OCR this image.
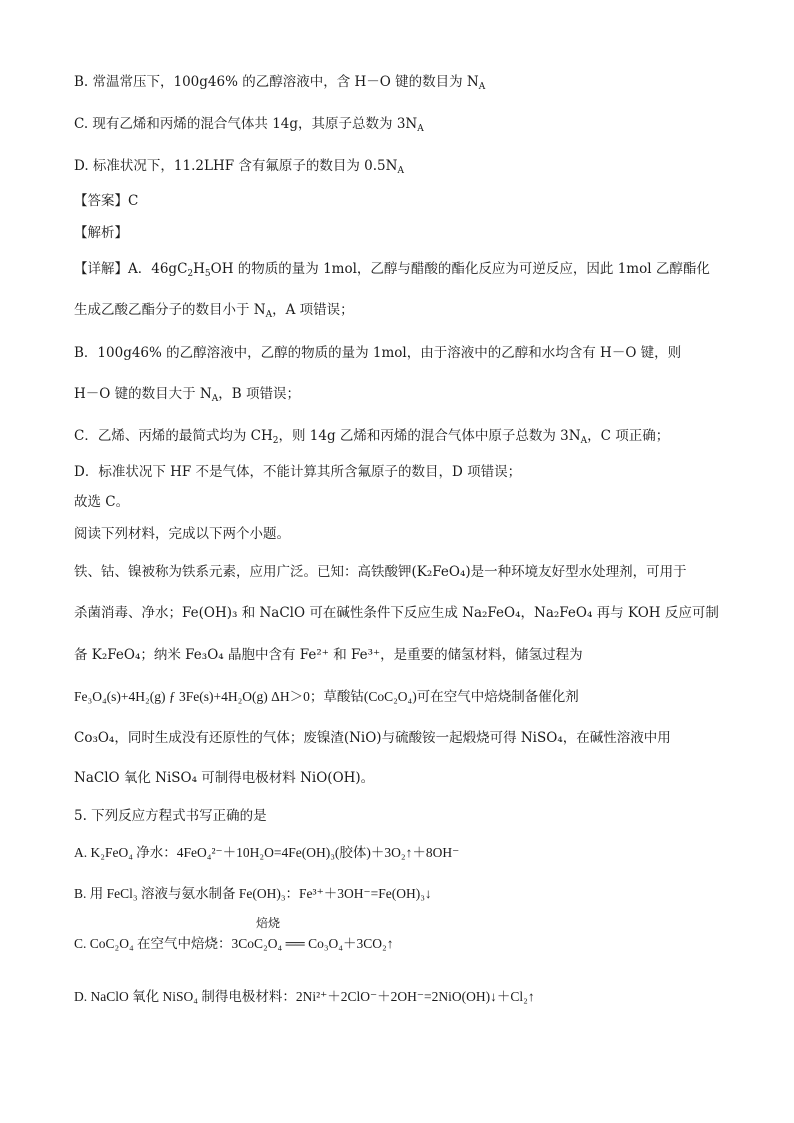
B. 常温常压下，100g46% 的乙醇溶液中，含 H－O 键的数目为 $N_A$
C. 现有乙烯和丙烯的混合气体共 14g，其原子总数为 $3N_A$
D. 标准状况下，11.2LHF 含有氟原子的数目为 $0.5N_A$
【答案】C
【解析】
【详解】A．$46gC_2H_5OH$ 的物质的量为 1mol，乙醇与醋酸的酯化反应为可逆反应，因此 1mol 乙醇酯化
生成乙酸乙酯分子的数目小于 $N_A$，A 项错误；
B．100g46% 的乙醇溶液中，乙醇的物质的量为 1mol，由于溶液中的乙醇和水均含有 H－O 键，则
H－O 键的数目大于 $N_A$，B 项错误；
C．乙烯、丙烯的最简式均为 $CH_2$，则 14g 乙烯和丙烯的混合气体中原子总数为 $3N_A$，C 项正确；
D．标准状况下 HF 不是气体，不能计算其所含氟原子的数目，D 项错误；
故选 C。
阅读下列材料，完成以下两个小题。
铁、钴、镍被称为铁系元素，应用广泛。已知：高铁酸钾(K₂FeO₄)是一种环境友好型水处理剂，可用于
杀菌消毒、净水；Fe(OH)₃ 和 NaClO 可在碱性条件下反应生成 Na₂FeO₄，Na₂FeO₄ 再与 KOH 反应可制
备 K₂FeO₄；纳米 Fe₃O₄ 晶胞中含有 Fe²⁺ 和 Fe³⁺，是重要的储氢材料，储氢过程为
Fe₃O₄(s)+4H₂(g) ƒ 3Fe(s)+4H₂O(g) ΔH＞0；草酸钴(CoC₂O₄)可在空气中焙烧制备催化剂
Co₃O₄，同时生成没有还原性的气体；废镍渣(NiO)与硫酸铵一起煅烧可得 NiSO₄，在碱性溶液中用
NaClO 氧化 NiSO₄ 可制得电极材料 NiO(OH)。
5. 下列反应方程式书写正确的是
A. K₂FeO₄ 净水：4FeO₄²⁻＋10H₂O=4Fe(OH)₃(胶体)＋3O₂↑＋8OH⁻
B. 用 FeCl₃ 溶液与氨水制备 Fe(OH)₃：Fe³⁺＋3OH⁻=Fe(OH)₃↓
焙烧
C. CoC₂O₄ 在空气中焙烧：3CoC₂O₄ ══ Co₃O₄＋3CO₂↑
D. NaClO 氧化 NiSO₄ 制得电极材料：2Ni²⁺＋2ClO⁻＋2OH⁻=2NiO(OH)↓＋Cl₂↑
